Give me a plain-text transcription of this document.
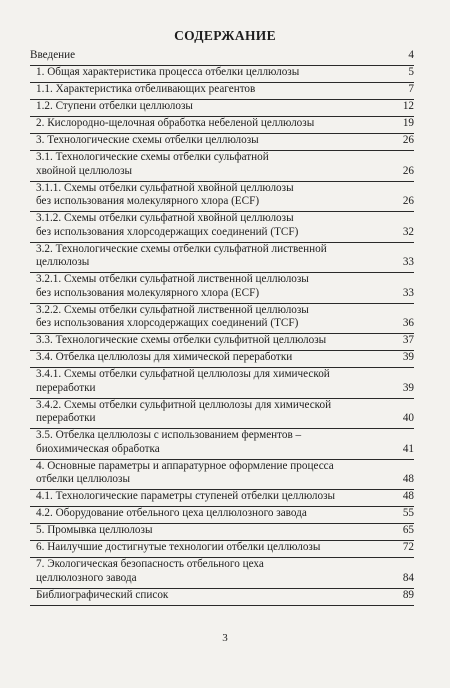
СОДЕРЖАНИЕ
Введение	4
1. Общая характеристика процесса отбелки целлюлозы	5
1.1. Характеристика отбеливающих реагентов	7
1.2. Ступени отбелки целлюлозы	12
2. Кислородно-щелочная обработка небеленой целлюлозы	19
3. Технологические схемы отбелки целлюлозы	26
3.1. Технологические схемы отбелки сульфатной
хвойной целлюлозы	26
3.1.1. Схемы отбелки сульфатной хвойной целлюлозы
без использования молекулярного хлора (ECF)	26
3.1.2. Схемы отбелки сульфатной хвойной целлюлозы
без использования хлорсодержащих соединений (TCF)	32
3.2. Технологические схемы отбелки сульфатной лиственной
целлюлозы	33
3.2.1. Схемы отбелки сульфатной лиственной целлюлозы
без использования молекулярного хлора (ECF)	33
3.2.2. Схемы отбелки сульфатной лиственной целлюлозы
без использования хлорсодержащих соединений (TCF)	36
3.3. Технологические схемы отбелки сульфитной целлюлозы	37
3.4. Отбелка целлюлозы для химической переработки	39
3.4.1. Схемы отбелки сульфатной целлюлозы для химической
переработки	39
3.4.2. Схемы отбелки сульфитной целлюлозы для химической
переработки	40
3.5. Отбелка целлюлозы с использованием ферментов –
биохимическая обработка	41
4. Основные параметры и аппаратурное оформление процесса
отбелки целлюлозы	48
4.1. Технологические параметры ступеней отбелки целлюлозы	48
4.2. Оборудование отбельного цеха целлюлозного завода	55
5. Промывка целлюлозы	65
6. Наилучшие достигнутые технологии отбелки целлюлозы	72
7. Экологическая безопасность отбельного цеха
целлюлозного завода	84
Библиографический список	89
3
